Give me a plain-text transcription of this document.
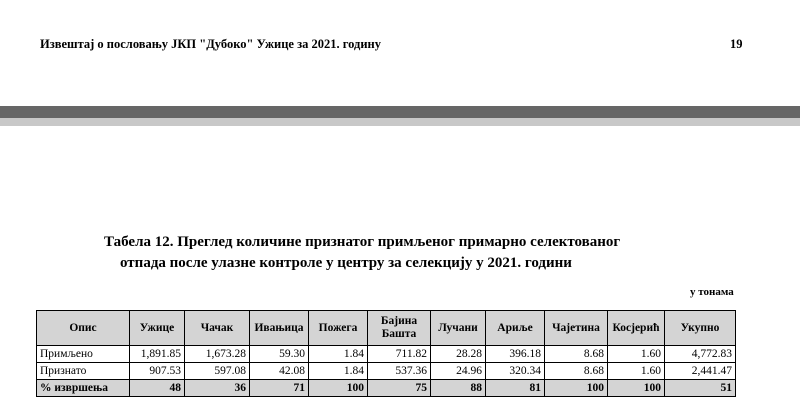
Извештај о пословању ЈКП "Дубоко" Ужице за 2021. годину	19
Табела 12. Преглед количине признатог примљеног примарно селектованог
отпада после улазне контроле у центру за селекцију у 2021. години
у тонама
Опис	Ужице	Чачак	Ивањица	Пожега	Бајина Башта	Лучани	Ариље	Чајетина	Косјерић	Укупно
Примљено	1,891.85	1,673.28	59.30	1.84	711.82	28.28	396.18	8.68	1.60	4,772.83
Признато	907.53	597.08	42.08	1.84	537.36	24.96	320.34	8.68	1.60	2,441.47
% извршења	48	36	71	100	75	88	81	100	100	51
